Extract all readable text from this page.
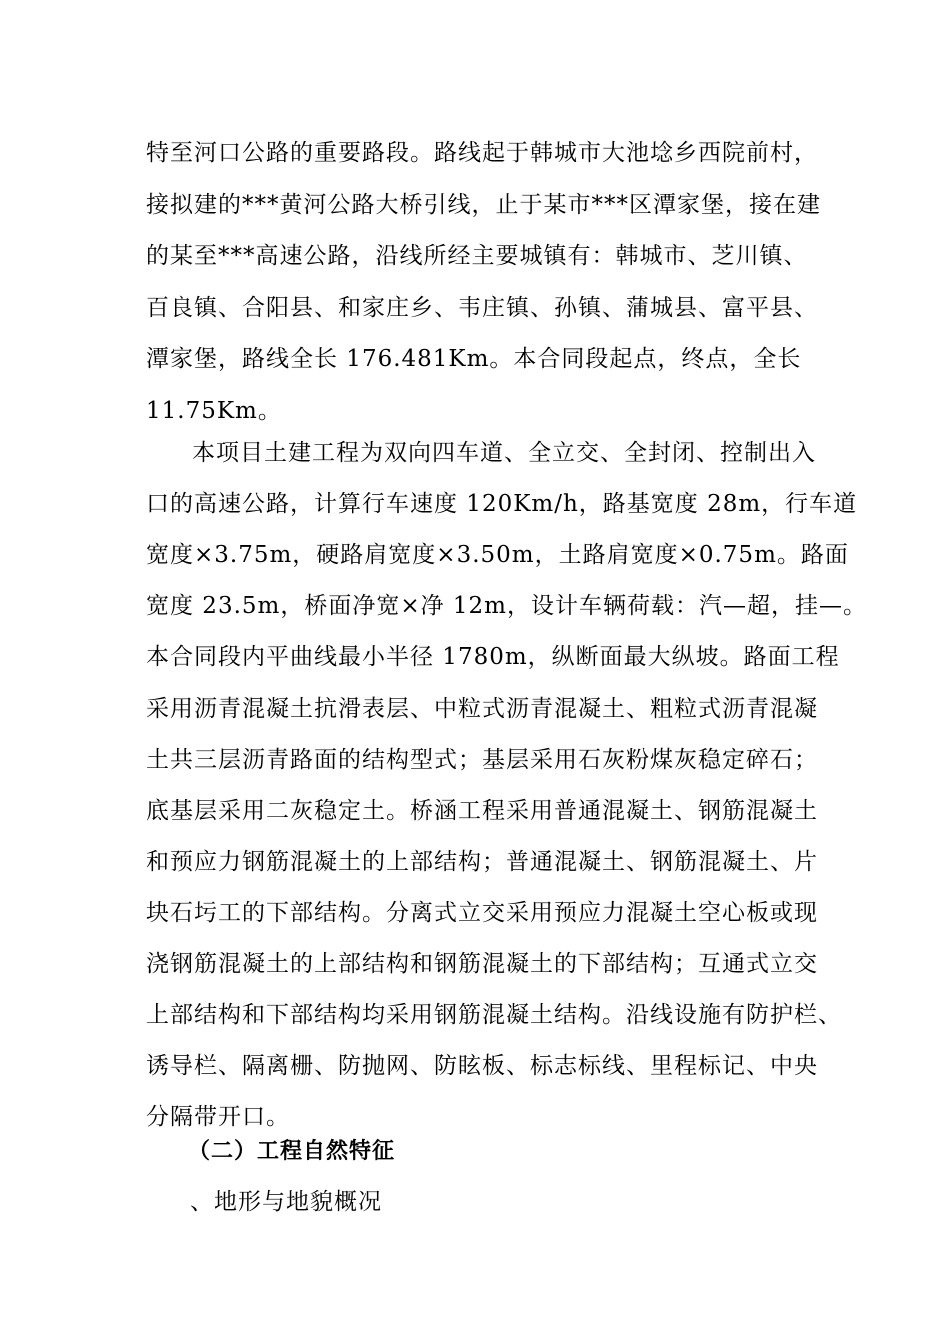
特至河口公路的重要路段。路线起于韩城市大池埝乡西院前村，
接拟建的***黄河公路大桥引线，止于某市***区潭家堡，接在建
的某至***高速公路，沿线所经主要城镇有：韩城市、芝川镇、
百良镇、合阳县、和家庄乡、韦庄镇、孙镇、蒲城县、富平县、
潭家堡，路线全长 176.481Km。本合同段起点，终点，全长
11.75Km。
本项目土建工程为双向四车道、全立交、全封闭、控制出入
口的高速公路，计算行车速度 120Km/h，路基宽度 28m，行车道
宽度×3.75m，硬路肩宽度×3.50m，土路肩宽度×0.75m。路面
宽度 23.5m，桥面净宽×净 12m，设计车辆荷载：汽—超，挂—。
本合同段内平曲线最小半径 1780m，纵断面最大纵坡。路面工程
采用沥青混凝土抗滑表层、中粒式沥青混凝土、粗粒式沥青混凝
土共三层沥青路面的结构型式；基层采用石灰粉煤灰稳定碎石；
底基层采用二灰稳定土。桥涵工程采用普通混凝土、钢筋混凝土
和预应力钢筋混凝土的上部结构；普通混凝土、钢筋混凝土、片
块石圬工的下部结构。分离式立交采用预应力混凝土空心板或现
浇钢筋混凝土的上部结构和钢筋混凝土的下部结构；互通式立交
上部结构和下部结构均采用钢筋混凝土结构。沿线设施有防护栏、
诱导栏、隔离栅、防抛网、防眩板、标志标线、里程标记、中央
分隔带开口。
（二）工程自然特征
、地形与地貌概况
